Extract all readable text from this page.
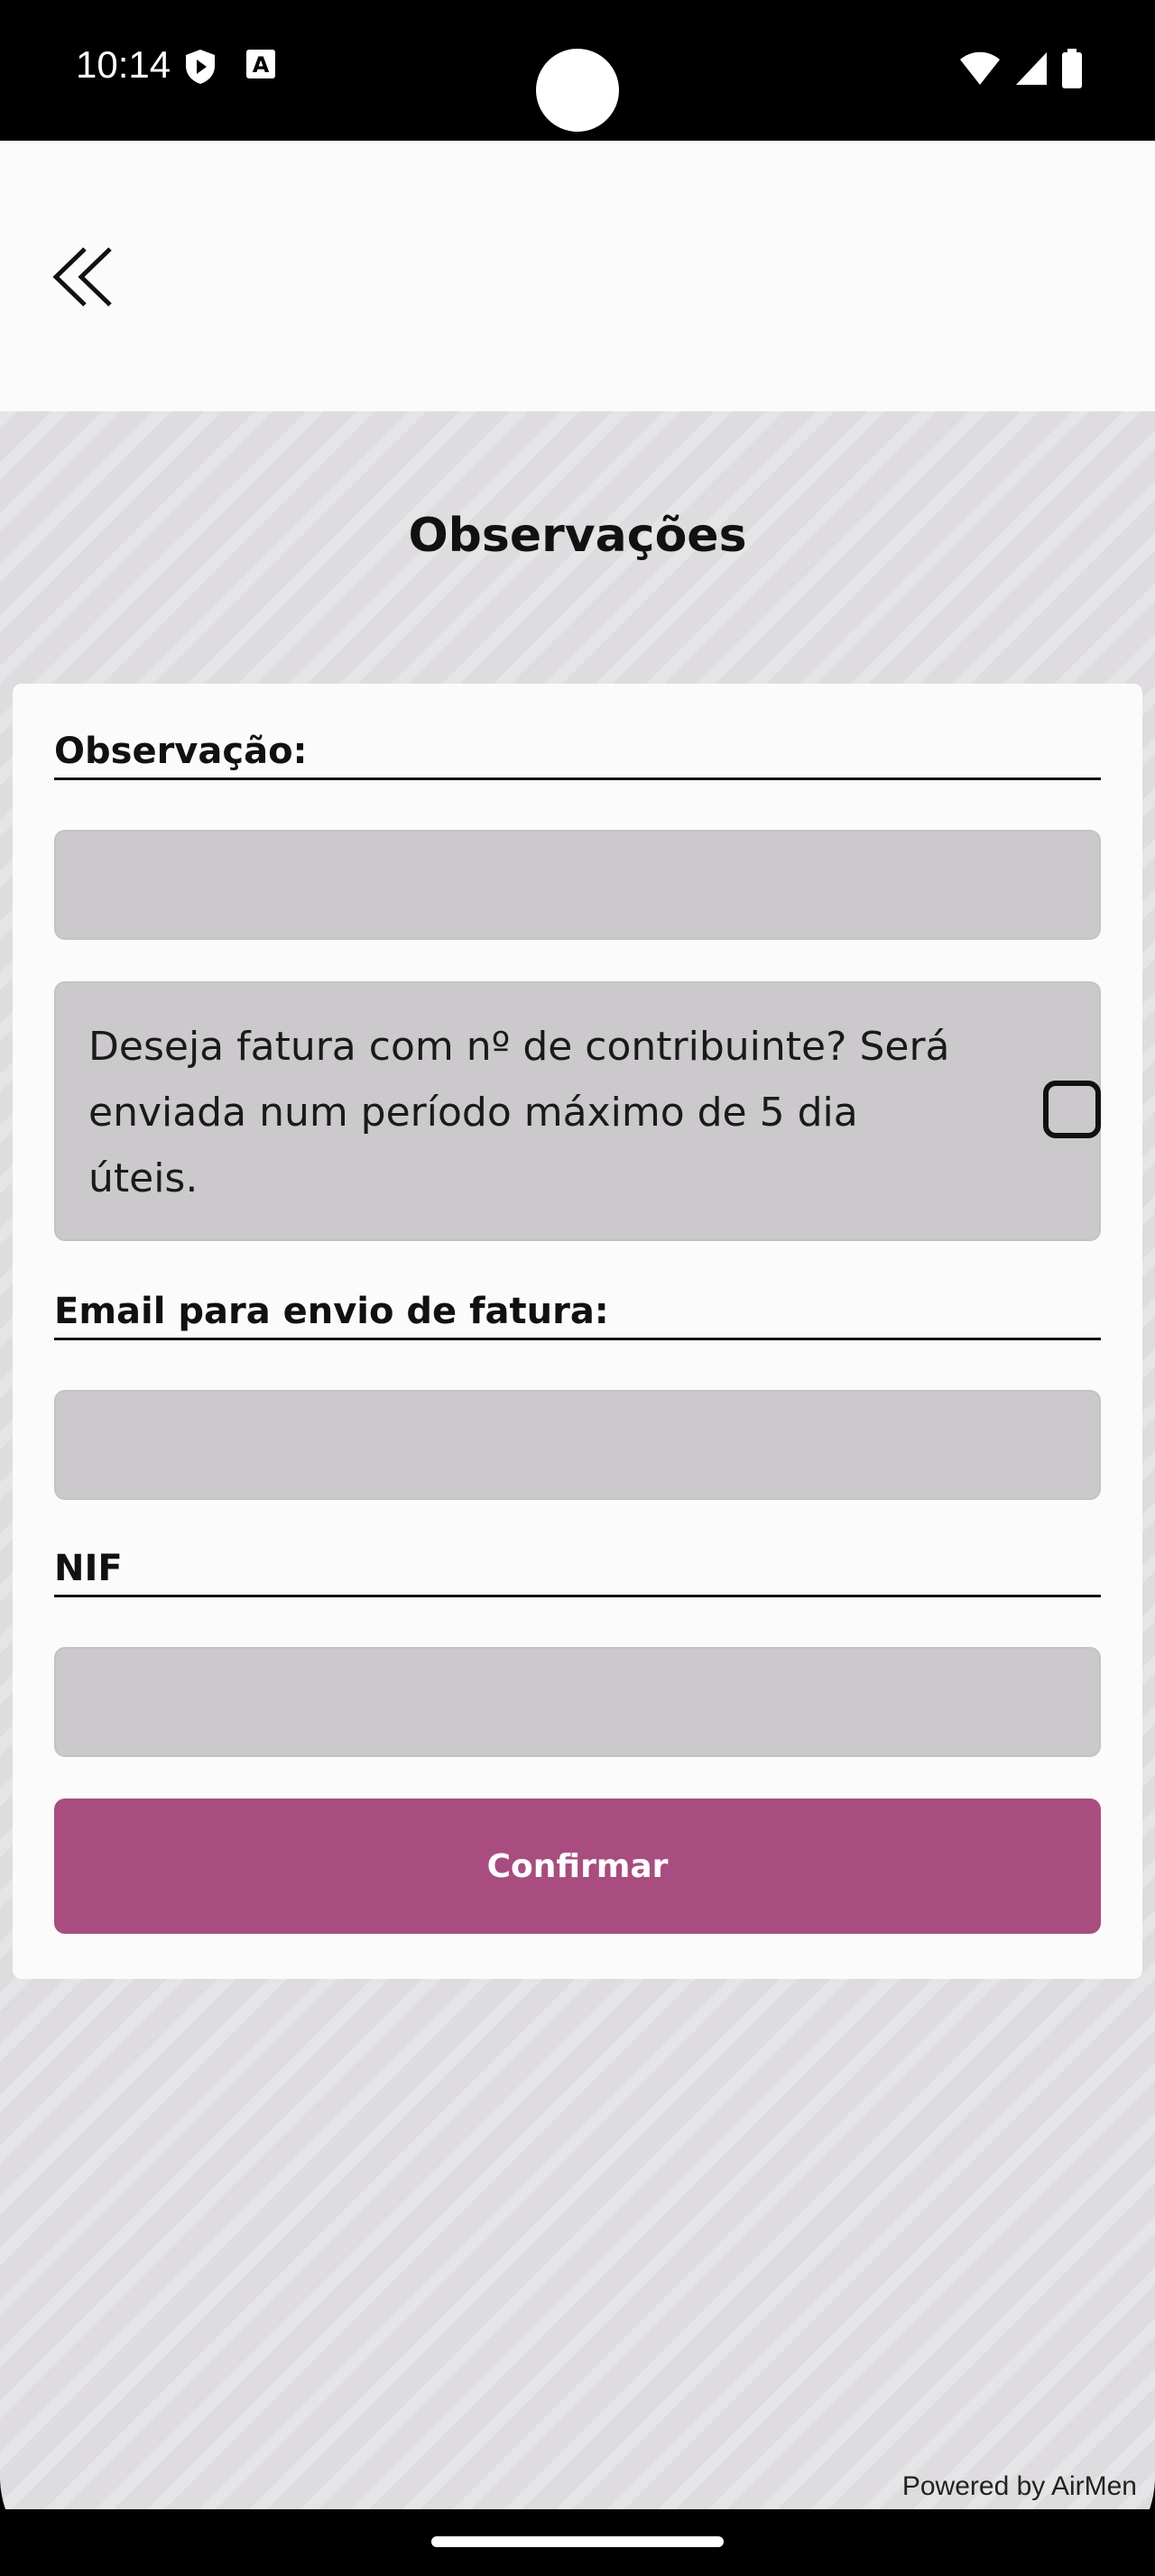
10:14	A
Observações
Observação:
Deseja fatura com nº de contribuinte? Será enviada num período máximo de 5 dia úteis.
Email para envio de fatura:
NIF
Confirmar
Powered by AirMen
